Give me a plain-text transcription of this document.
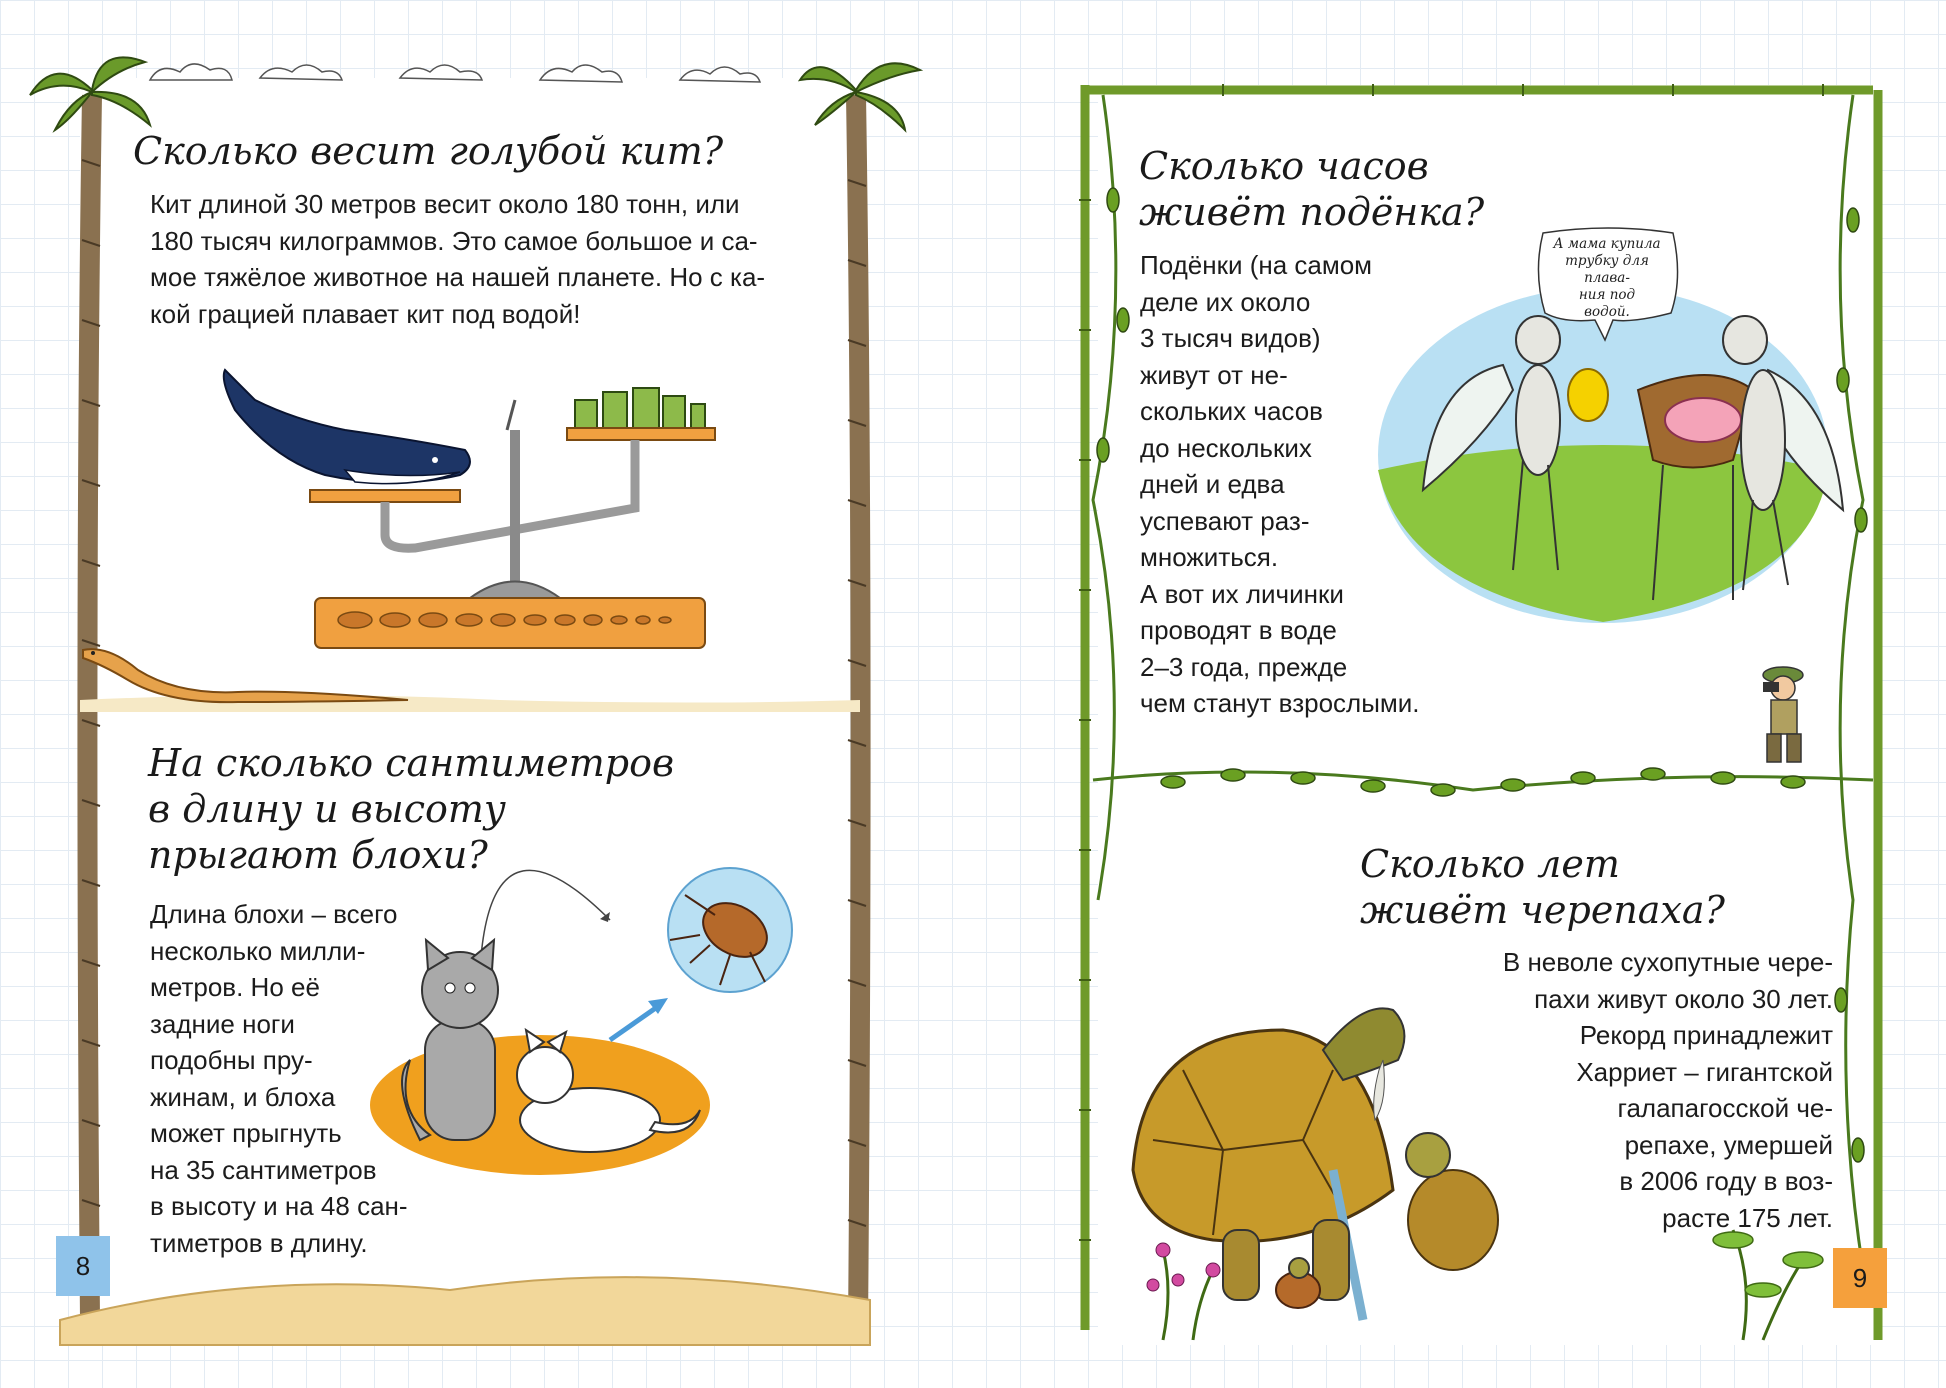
Сколько весит голубой кит?

Кит длиной 30 метров весит около 180 тонн, или
180 тысяч килограммов. Это самое большое и са-
мое тяжёлое животное на нашей планете. Но с ка-
кой грацией плавает кит под водой!

На сколько сантиметров
в длину и высоту
прыгают блохи?

Длина блохи – всего
несколько милли-
метров. Но её
задние ноги
подобны пру-
жинам, и блоха
может прыгнуть
на 35 сантиметров
в высоту и на 48 сан-
тиметров в длину.

8

А мама купила
трубку для плава-
ния под
водой.

Сколько часов
живёт подёнка?

Подёнки (на самом
деле их около
3 тысяч видов)
живут от не-
скольких часов
до нескольких
дней и едва
успевают раз-
множиться.
А вот их личинки
проводят в воде
2–3 года, прежде
чем станут взрослыми.

Сколько лет
живёт черепаха?

В неволе сухопутные чере-
пахи живут около 30 лет.
Рекорд принадлежит
Харриет – гигантской
галапагосской че-
репахе, умершей
в 2006 году в воз-
расте 175 лет.

9
